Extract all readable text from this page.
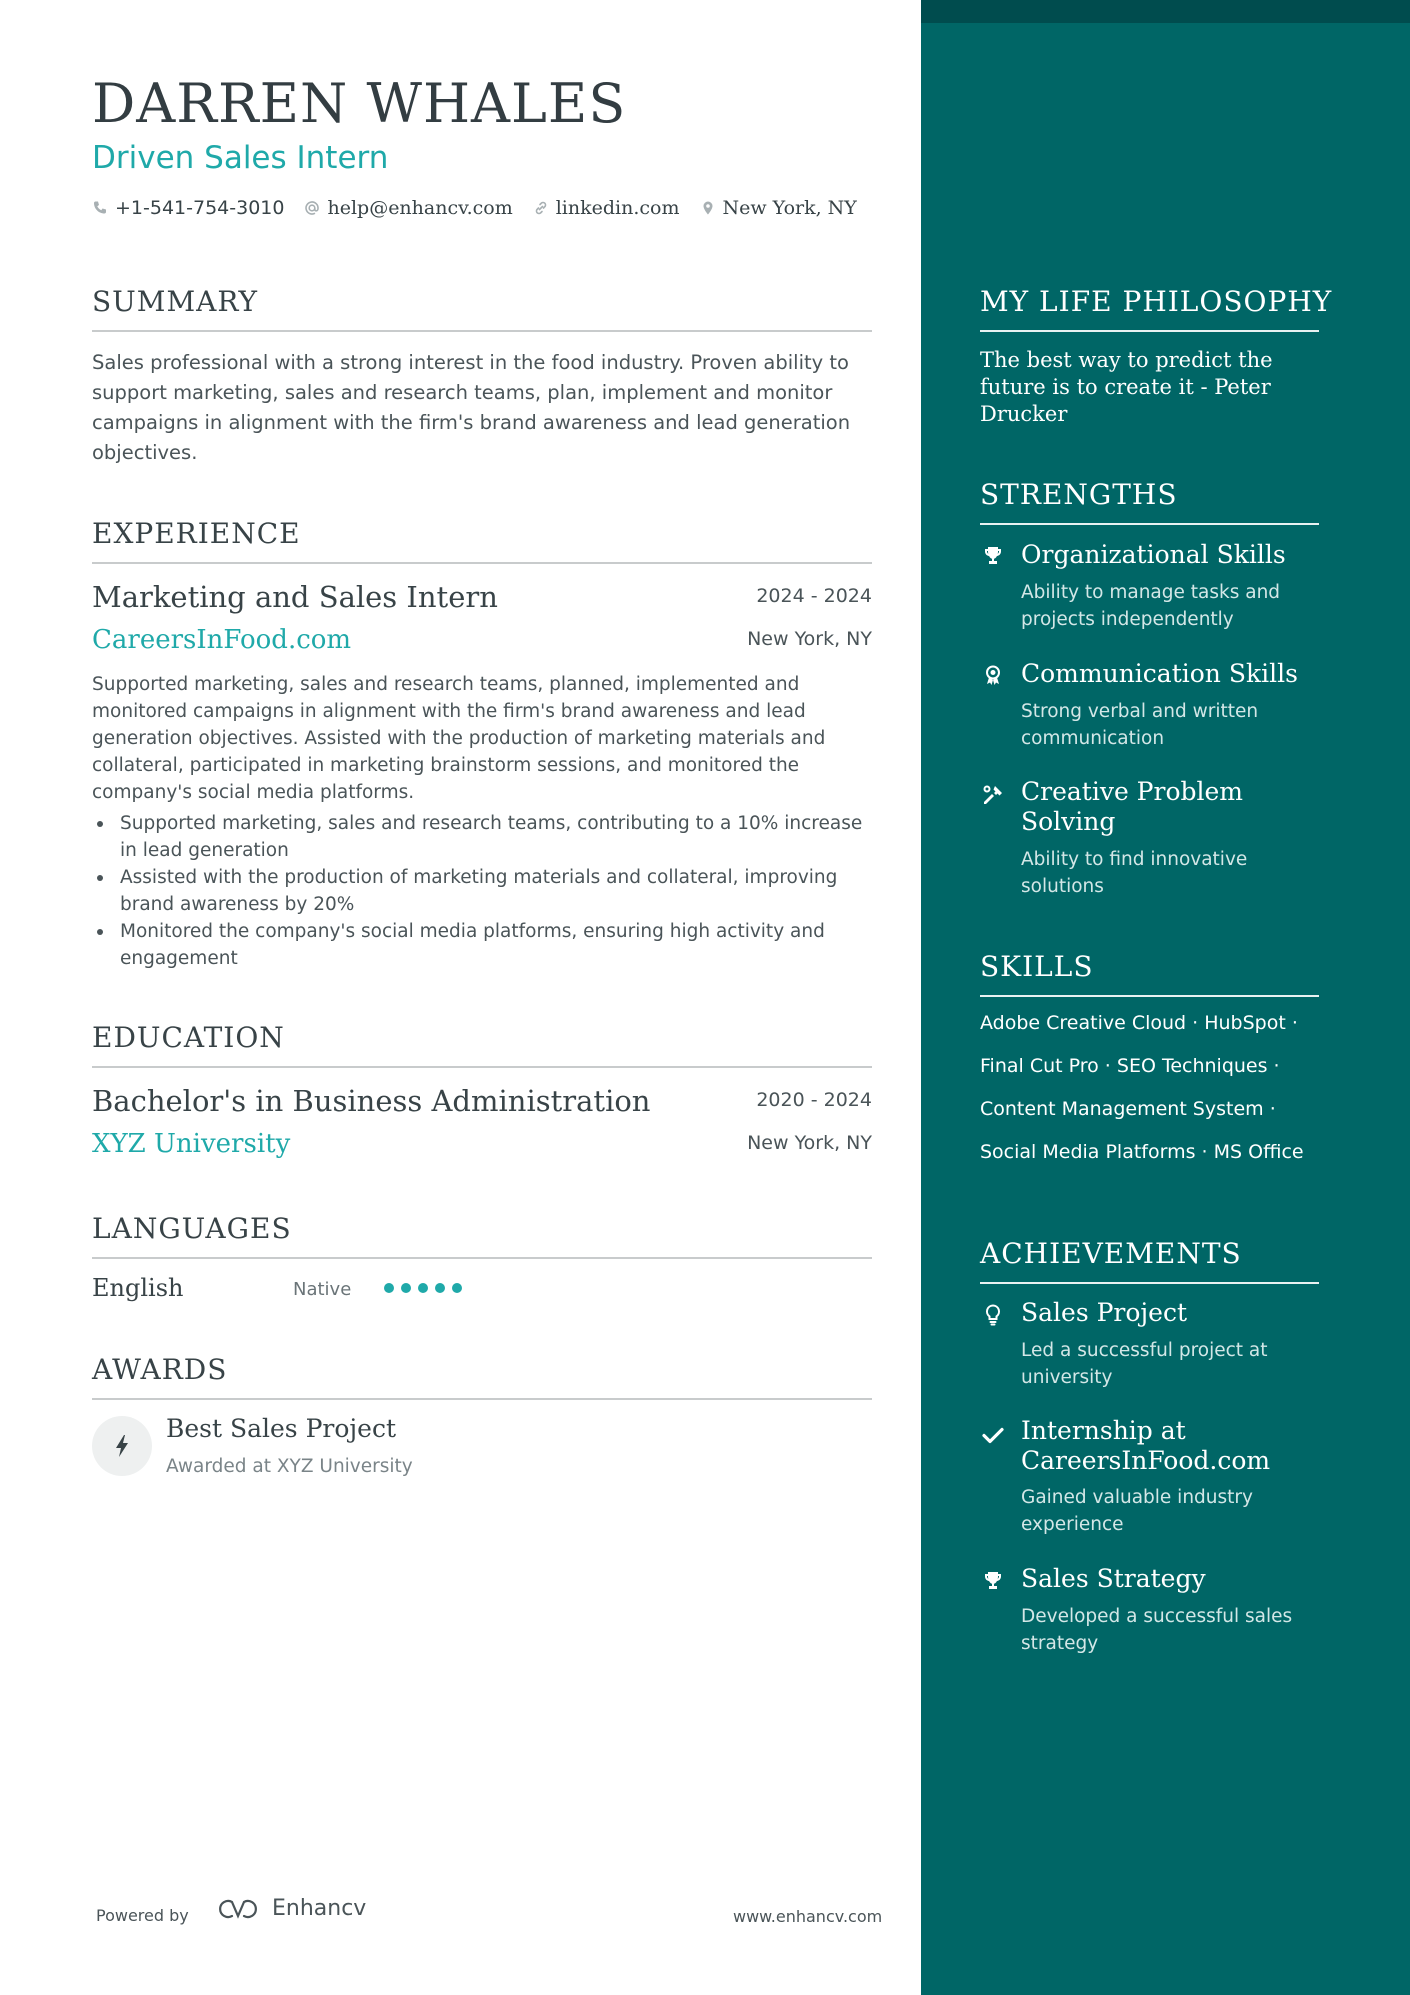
DARREN WHALES
Driven Sales Intern
+1-541-754-3010 help@enhancv.com linkedin.com New York, NY
SUMMARY
Sales professional with a strong interest in the food industry. Proven ability to support marketing, sales and research teams, plan, implement and monitor campaigns in alignment with the firm's brand awareness and lead generation objectives.
EXPERIENCE
Marketing and Sales Intern	2024 - 2024
CareersInFood.com	New York, NY
Supported marketing, sales and research teams, planned, implemented and monitored campaigns in alignment with the firm's brand awareness and lead generation objectives. Assisted with the production of marketing materials and collateral, participated in marketing brainstorm sessions, and monitored the company's social media platforms.
Supported marketing, sales and research teams, contributing to a 10% increase in lead generation
Assisted with the production of marketing materials and collateral, improving brand awareness by 20%
Monitored the company's social media platforms, ensuring high activity and engagement
EDUCATION
Bachelor's in Business Administration	2020 - 2024
XYZ University	New York, NY
LANGUAGES
English	Native
AWARDS
Best Sales Project
Awarded at XYZ University
Powered by	Enhancv	www.enhancv.com
MY LIFE PHILOSOPHY
The best way to predict the future is to create it - Peter Drucker
STRENGTHS
Organizational Skills
Ability to manage tasks and projects independently
Communication Skills
Strong verbal and written communication
Creative Problem Solving
Ability to find innovative solutions
SKILLS
Adobe Creative Cloud · HubSpot ·
Final Cut Pro · SEO Techniques ·
Content Management System ·
Social Media Platforms · MS Office
ACHIEVEMENTS
Sales Project
Led a successful project at university
Internship at CareersInFood.com
Gained valuable industry experience
Sales Strategy
Developed a successful sales strategy
